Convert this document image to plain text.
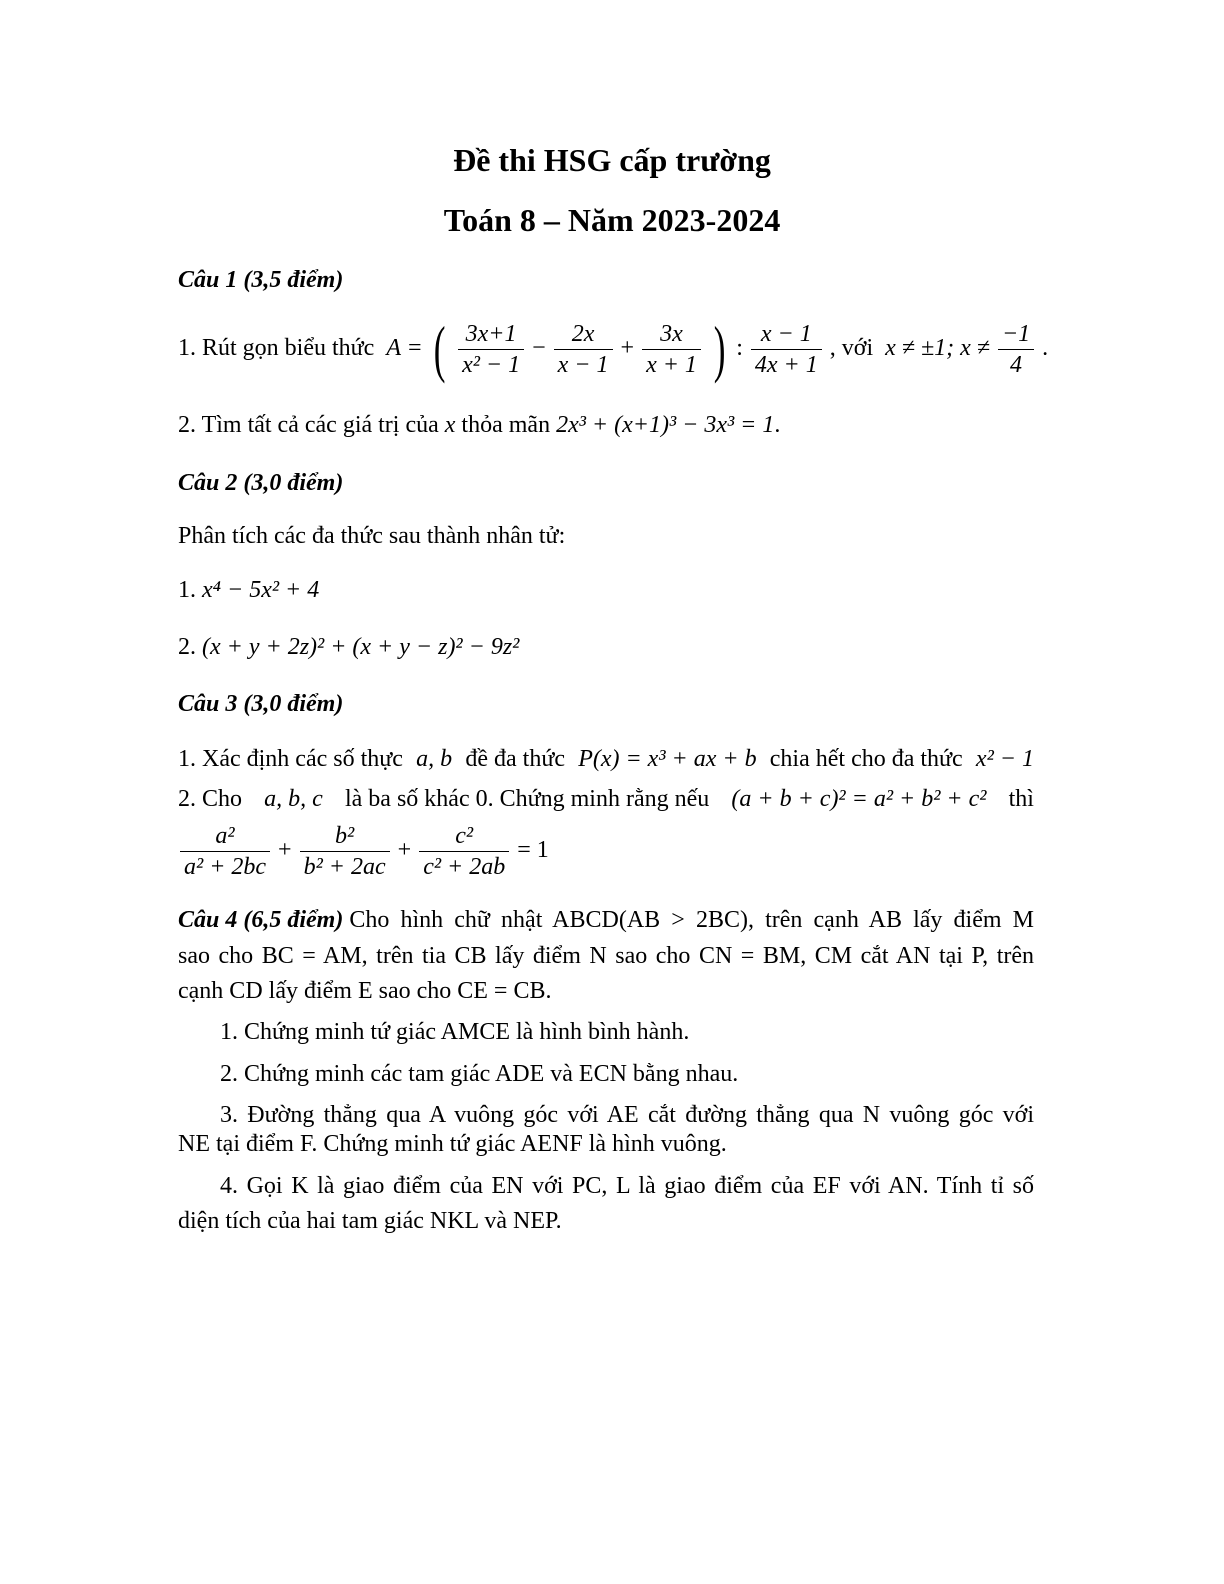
Đề thi HSG cấp trường
Toán 8 – Năm 2023-2024
Câu 1 (3,5 điểm)
1. Rút gọn biểu thức A = ( $\frac{3x+1}{\text{x² − 1}} - \frac{2x}{x - 1} + \frac{3x}{x + 1}$ ) : $\frac{x - 1}{4x + 1}$ , với x ≠ ±1; $x \ne \frac{-1}{4}$ .
2. Tìm tất cả các giá trị của x thỏa mãn 2x³ + (x+1)³ − 3x³ = 1.
Câu 2 (3,0 điểm)
Phân tích các đa thức sau thành nhân tử:
1. x⁴ − 5x² + 4
2. (x + y + 2z)² + (x + y − z)² − 9z²
Câu 3 (3,0 điểm)
1. Xác định các số thực a, b đề đa thức P(x) = x³ + ax + b chia hết cho đa thức x² − 1
2. Cho a, b, c là ba số khác 0. Chứng minh rằng nếu (a + b + c)² = a² + b² + c² thì
$\frac{\text{a²}}{\text{a² + 2bc}} + \frac{\text{b²}}{\text{b² + 2ac}} + \frac{\text{c²}}{\text{c² + 2ab}} = 1$
Câu 4 (6,5 điểm) Cho hình chữ nhật ABCD(AB > 2BC), trên cạnh AB lấy điểm M
sao cho BC = AM, trên tia CB lấy điểm N sao cho CN = BM, CM cắt AN tại P, trên
cạnh CD lấy điểm E sao cho CE = CB.
1. Chứng minh tứ giác AMCE là hình bình hành.
2. Chứng minh các tam giác ADE và ECN bằng nhau.
3. Đường thẳng qua A vuông góc với AE cắt đường thẳng qua N vuông góc với
NE tại điểm F. Chứng minh tứ giác AENF là hình vuông.
4. Gọi K là giao điểm của EN với PC, L là giao điểm của EF với AN. Tính tỉ số
diện tích của hai tam giác NKL và NEP.
